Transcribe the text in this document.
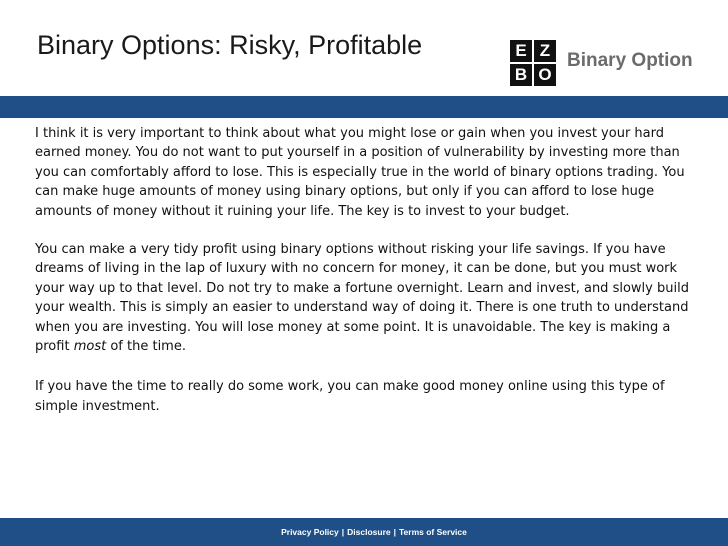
Binary Options: Risky, Profitable	E Z
B O
Binary Option

I think it is very important to think about what you might lose or gain when you invest your hard earned money. You do not want to put yourself in a position of vulnerability by investing more than you can comfortably afford to lose. This is especially true in the world of binary options trading. You can make huge amounts of money using binary options, but only if you can afford to lose huge amounts of money without it ruining your life. The key is to invest to your budget.

You can make a very tidy profit using binary options without risking your life savings. If you have dreams of living in the lap of luxury with no concern for money, it can be done, but you must work your way up to that level. Do not try to make a fortune overnight. Learn and invest, and slowly build your wealth. This is simply an easier to understand way of doing it. There is one truth to understand when you are investing. You will lose money at some point. It is unavoidable. The key is making a profit most of the time.

If you have the time to really do some work, you can make good money online using this type of simple investment.

Privacy Policy | Disclosure | Terms of Service
